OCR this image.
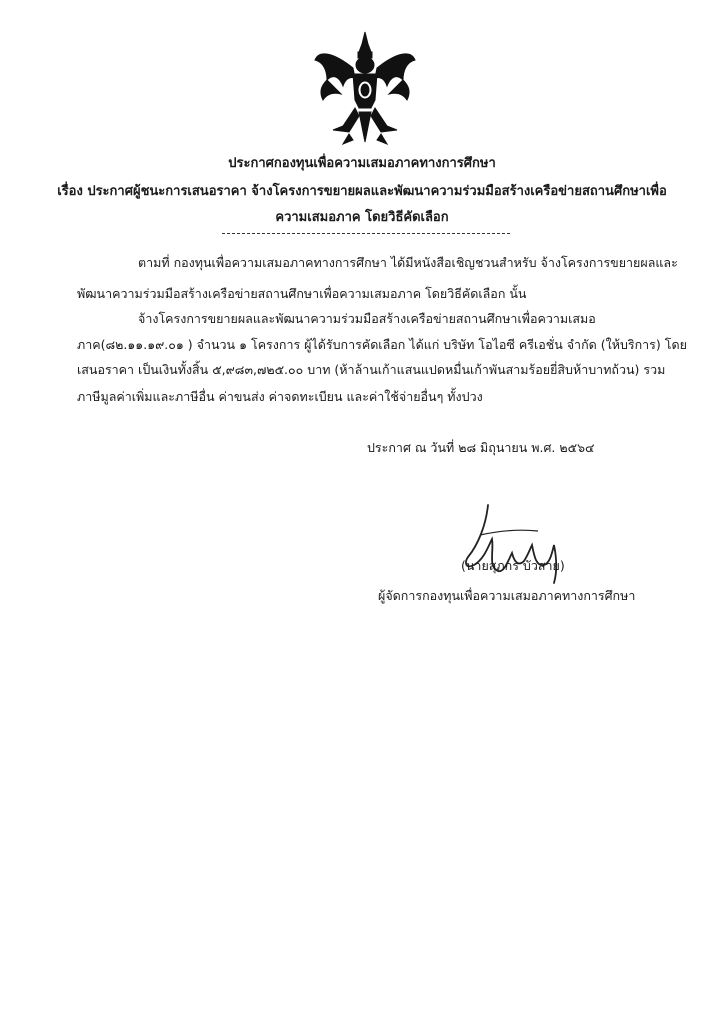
ประกาศกองทุนเพื่อความเสมอภาคทางการศึกษา
เรื่อง ประกาศผู้ชนะการเสนอราคา จ้างโครงการขยายผลและพัฒนาความร่วมมือสร้างเครือข่ายสถานศึกษาเพื่อ
ความเสมอภาค โดยวิธีคัดเลือก
ตามที่ กองทุนเพื่อความเสมอภาคทางการศึกษา ได้มีหนังสือเชิญชวนสำหรับ จ้างโครงการขยายผลและ
พัฒนาความร่วมมือสร้างเครือข่ายสถานศึกษาเพื่อความเสมอภาค โดยวิธีคัดเลือก นั้น
จ้างโครงการขยายผลและพัฒนาความร่วมมือสร้างเครือข่ายสถานศึกษาเพื่อความเสมอ
ภาค(๘๒.๑๑.๑๙.๐๑ ) จำนวน ๑ โครงการ ผู้ได้รับการคัดเลือก ได้แก่ บริษัท โอไอซี ครีเอชั่น จำกัด (ให้บริการ) โดย
เสนอราคา เป็นเงินทั้งสิ้น ๕,๙๘๓,๗๒๕.๐๐ บาท (ห้าล้านเก้าแสนแปดหมื่นเก้าพันสามร้อยยี่สิบห้าบาทถ้วน) รวม
ภาษีมูลค่าเพิ่มและภาษีอื่น ค่าขนส่ง ค่าจดทะเบียน และค่าใช้จ่ายอื่นๆ ทั้งปวง
ประกาศ ณ วันที่ ๒๘ มิถุนายน พ.ศ. ๒๕๖๔
(นายสุภกร บัวสาย)
ผู้จัดการกองทุนเพื่อความเสมอภาคทางการศึกษา
